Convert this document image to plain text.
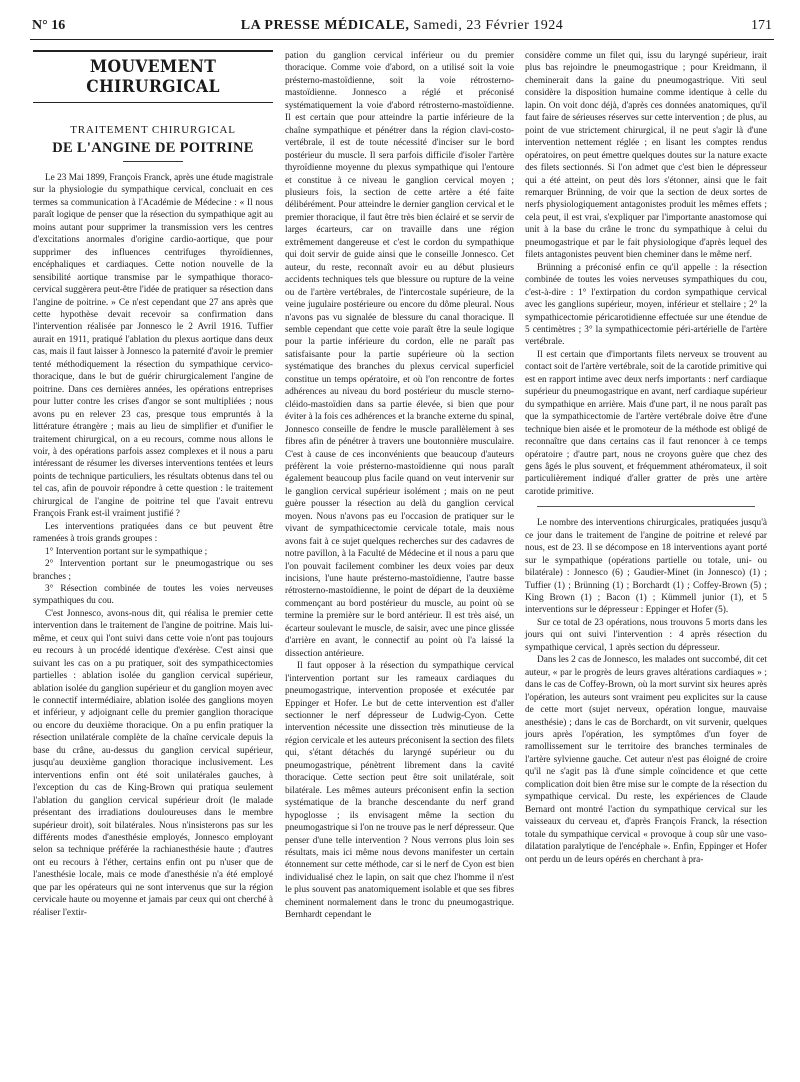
N° 16	LA PRESSE MÉDICALE, Samedi, 23 Février 1924	171
MOUVEMENT CHIRURGICAL
TRAITEMENT CHIRURGICAL
DE L'ANGINE DE POITRINE

Le 23 Mai 1899, François Franck, après une étude magistrale sur la physiologie du sympathique cervical, concluait en ces termes sa communication à l'Académie de Médecine : « Il nous paraît logique de penser que la résection du sympathique agit au moins autant pour supprimer la transmission vers les centres d'excitations anormales d'origine cardio-aortique, que pour supprimer des influences centrifuges thyroïdiennes, encéphaliques et cardiaques. Cette notion nouvelle de la sensibilité aortique transmise par le sympathique thoraco-cervical suggèrera peut-être l'idée de pratiquer sa résection dans l'angine de poitrine. » Ce n'est cependant que 27 ans après que cette hypothèse devait recevoir sa confirmation dans l'intervention réalisée par Jonnesco le 2 Avril 1916. Tuffier aurait en 1911, pratiqué l'ablation du plexus aortique dans deux cas, mais il faut laisser à Jonnesco la paternité d'avoir le premier tenté méthodiquement la résection du sympathique cervico-thoracique, dans le but de guérir chirurgicalement l'angine de poitrine. Dans ces dernières années, les opérations entreprises pour lutter contre les crises d'angor se sont multipliées ; nous avons pu en relever 23 cas, presque tous empruntés à la littérature étrangère ; mais au lieu de simplifier et d'unifier le traitement chirurgical, on a eu recours, comme nous allons le voir, à des opérations parfois assez complexes et il nous a paru intéressant de résumer les diverses interventions tentées et leurs points de technique particuliers, les résultats obtenus dans tel ou tel cas, afin de pouvoir répondre à cette question : le traitement chirurgical de l'angine de poitrine tel que l'avait entrevu François Frank est-il vraiment justifié ?

Les interventions pratiquées dans ce but peuvent être ramenées à trois grands groupes :

1° Intervention portant sur le sympathique ;

2° Intervention portant sur le pneumogastrique ou ses branches ;

3° Résection combinée de toutes les voies nerveuses sympathiques du cou.

C'est Jonnesco, avons-nous dit, qui réalisa le premier cette intervention dans le traitement de l'angine de poitrine. Mais lui-même, et ceux qui l'ont suivi dans cette voie n'ont pas toujours eu recours à un procédé identique d'exérèse. C'est ainsi que suivant les cas on a pu pratiquer, soit des sympathicectomies partielles : ablation isolée du ganglion cervical supérieur, ablation isolée du ganglion supérieur et du ganglion moyen avec le connectif intermédiaire, ablation isolée des ganglions moyen et inférieur, y adjoignant celle du premier ganglion thoracique ou encore du deuxième thoracique. On a pu enfin pratiquer la résection unilatérale complète de la chaîne cervicale depuis la base du crâne, au-dessus du ganglion cervical supérieur, jusqu'au deuxième ganglion thoracique inclusivement. Les interventions enfin ont été soit unilatérales gauches, à l'exception du cas de King-Brown qui pratiqua seulement l'ablation du ganglion cervical supérieur droit (le malade présentant des irradiations douloureuses dans le membre supérieur droit), soit bilatérales. Nous n'insisterons pas sur les différents modes d'anesthésie employés, Jonnesco employant selon sa technique préférée la rachianesthésie haute ; d'autres ont eu recours à l'éther, certains enfin ont pu n'user que de l'anesthésie locale, mais ce mode d'anesthésie n'a été employé que par les opérateurs qui ne sont intervenus que sur la région cervicale haute ou moyenne et jamais par ceux qui ont cherché à réaliser l'extir-

pation du ganglion cervical inférieur ou du premier thoracique. Comme voie d'abord, on a utilisé soit la voie présterno-mastoïdienne, soit la voie rétrosterno-mastoïdienne. Jonnesco a réglé et préconisé systématiquement la voie d'abord rétrosterno-mastoïdienne. Il est certain que pour atteindre la partie inférieure de la chaîne sympathique et pénétrer dans la région clavi-costo-vertébrale, il est de toute nécessité d'inciser sur le bord postérieur du muscle. Il sera parfois difficile d'isoler l'artère thyroïdienne moyenne du plexus sympathique qui l'entoure et constitue à ce niveau le ganglion cervical moyen ; plusieurs fois, la section de cette artère a été faite délibérément. Pour atteindre le dernier ganglion cervical et le premier thoracique, il faut être très bien éclairé et se servir de larges écarteurs, car on travaille dans une région extrêmement dangereuse et c'est le cordon du sympathique qui doit servir de guide ainsi que le conseille Jonnesco. Cet auteur, du reste, reconnaît avoir eu au début plusieurs accidents techniques tels que blessure ou rupture de la veine ou de l'artère vertébrales, de l'intercostale supérieure, de la veine jugulaire postérieure ou encore du dôme pleural. Nous n'avons pas vu signalée de blessure du canal thoracique. Il semble cependant que cette voie paraît être la seule logique pour la partie inférieure du cordon, elle ne paraît pas satisfaisante pour la partie supérieure où la section systématique des branches du plexus cervical superficiel constitue un temps opératoire, et où l'on rencontre de fortes adhérences au niveau du bord postérieur du muscle sterno-cléido-mastoïdien dans sa partie élevée, si bien que pour éviter à la fois ces adhérences et la branche externe du spinal, Jonnesco conseille de fendre le muscle parallèlement à ses fibres afin de pénétrer à travers une boutonnière musculaire. C'est à cause de ces inconvénients que beaucoup d'auteurs préfèrent la voie présterno-mastoïdienne qui nous paraît également beaucoup plus facile quand on veut intervenir sur le ganglion cervical supérieur isolément ; mais on ne peut guère pousser la résection au delà du ganglion cervical moyen. Nous n'avons pas eu l'occasion de pratiquer sur le vivant de sympathicectomie cervicale totale, mais nous avons fait à ce sujet quelques recherches sur des cadavres de notre pavillon, à la Faculté de Médecine et il nous a paru que l'on pouvait facilement combiner les deux voies par deux incisions, l'une haute présterno-mastoïdienne, l'autre basse rétrosterno-mastoïdienne, le point de départ de la deuxième commençant au bord postérieur du muscle, au point où se termine la première sur le bord antérieur. Il est très aisé, un écarteur soulevant le muscle, de saisir, avec une pince glissée d'arrière en avant, le connectif au point où l'a laissé la dissection antérieure.

Il faut opposer à la résection du sympathique cervical l'intervention portant sur les rameaux cardiaques du pneumogastrique, intervention proposée et exécutée par Eppinger et Hofer. Le but de cette intervention est d'aller sectionner le nerf dépresseur de Ludwig-Cyon. Cette intervention nécessite une dissection très minutieuse de la région cervicale et les auteurs préconisent la section des filets qui, s'étant détachés du laryngé supérieur ou du pneumogastrique, pénètrent librement dans la cavité thoracique. Cette section peut être soit unilatérale, soit bilatérale. Les mêmes auteurs préconisent enfin la section systématique de la branche descendante du nerf grand hypoglosse ; ils envisagent même la section du pneumogastrique si l'on ne trouve pas le nerf dépresseur. Que penser d'une telle intervention ? Nous verrons plus loin ses résultats, mais ici même nous devons manifester un certain étonnement sur cette méthode, car si le nerf de Cyon est bien individualisé chez le lapin, on sait que chez l'homme il n'est le plus souvent pas anatomiquement isolable et que ses fibres cheminent normalement dans le tronc du pneumogastrique. Bernhardt cependant le

considère comme un filet qui, issu du laryngé supérieur, irait plus bas rejoindre le pneumogastrique ; pour Kreidmann, il cheminerait dans la gaine du pneumogastrique. Vitì seul considère la disposition humaine comme identique à celle du lapin. On voit donc déjà, d'après ces données anatomiques, qu'il faut faire de sérieuses réserves sur cette intervention ; de plus, au point de vue strictement chirurgical, il ne peut s'agir là d'une intervention nettement réglée ; en lisant les comptes rendus opératoires, on peut émettre quelques doutes sur la nature exacte des filets sectionnés. Si l'on admet que c'est bien le dépresseur qui a été atteint, on peut dès lors s'étonner, ainsi que le fait remarquer Brünning, de voir que la section de deux sortes de nerfs physiologiquement antagonistes produit les mêmes effets ; cela peut, il est vrai, s'expliquer par l'importante anastomose qui unit à la base du crâne le tronc du sympathique à celui du pneumogastrique et par le fait physiologique d'après lequel des filets antagonistes peuvent bien cheminer dans le même nerf.

Brünning a préconisé enfin ce qu'il appelle : la résection combinée de toutes les voies nerveuses sympathiques du cou, c'est-à-dire : 1° l'extirpation du cordon sympathique cervical avec les ganglions supérieur, moyen, inférieur et stellaire ; 2° la sympathicectomie péricarotidienne effectuée sur une étendue de 5 centimètres ; 3° la sympathicectomie péri-artérielle de l'artère vertébrale.

Il est certain que d'importants filets nerveux se trouvent au contact soit de l'artère vertébrale, soit de la carotide primitive qui est en rapport intime avec deux nerfs importants : nerf cardiaque supérieur du pneumogastrique en avant, nerf cardiaque supérieur du sympathique en arrière. Mais d'une part, il ne nous paraît pas que la sympathicectomie de l'artère vertébrale doive être d'une technique bien aisée et le promoteur de la méthode est obligé de reconnaître que dans certains cas il faut renoncer à ce temps opératoire ; d'autre part, nous ne croyons guère que chez des gens âgés le plus souvent, et fréquemment athéromateux, il soit particulièrement indiqué d'aller gratter de près une artère carotide primitive.

Le nombre des interventions chirurgicales, pratiquées jusqu'à ce jour dans le traitement de l'angine de poitrine et relevé par nous, est de 23. Il se décompose en 18 interventions ayant porté sur le sympathique (opérations partielle ou totale, uni- ou bilatérale) : Jonnesco (6) ; Gaudier-Minet (in Jonnesco) (1) ; Tuffier (1) ; Brünning (1) ; Borchardt (1) ; Coffey-Brown (5) ; King Brown (1) ; Bacon (1) ; Kümmell junior (1), et 5 interventions sur le dépresseur : Eppinger et Hofer (5).

Sur ce total de 23 opérations, nous trouvons 5 morts dans les jours qui ont suivi l'intervention : 4 après résection du sympathique cervical, 1 après section du dépresseur.

Dans les 2 cas de Jonnesco, les malades ont succombé, dit cet auteur, « par le progrès de leurs graves altérations cardiaques » ; dans le cas de Coffey-Brown, où la mort survint six heures après l'opération, les auteurs sont vraiment peu explicites sur la cause de cette mort (sujet nerveux, opération longue, mauvaise anesthésie) ; dans le cas de Borchardt, on vit survenir, quelques jours après l'opération, les symptômes d'un foyer de ramollissement sur le territoire des branches terminales de l'artère sylvienne gauche. Cet auteur n'est pas éloigné de croire qu'il ne s'agit pas là d'une simple coïncidence et que cette complication doit bien être mise sur le compte de la résection du sympathique cervical. Du reste, les expériences de Claude Bernard ont montré l'action du sympathique cervical sur les vaisseaux du cerveau et, d'après François Franck, la résection totale du sympathique cervical « provoque à coup sûr une vaso-dilatation paralytique de l'encéphale ». Enfin, Eppinger et Hofer ont perdu un de leurs opérés en cherchant à pra-
